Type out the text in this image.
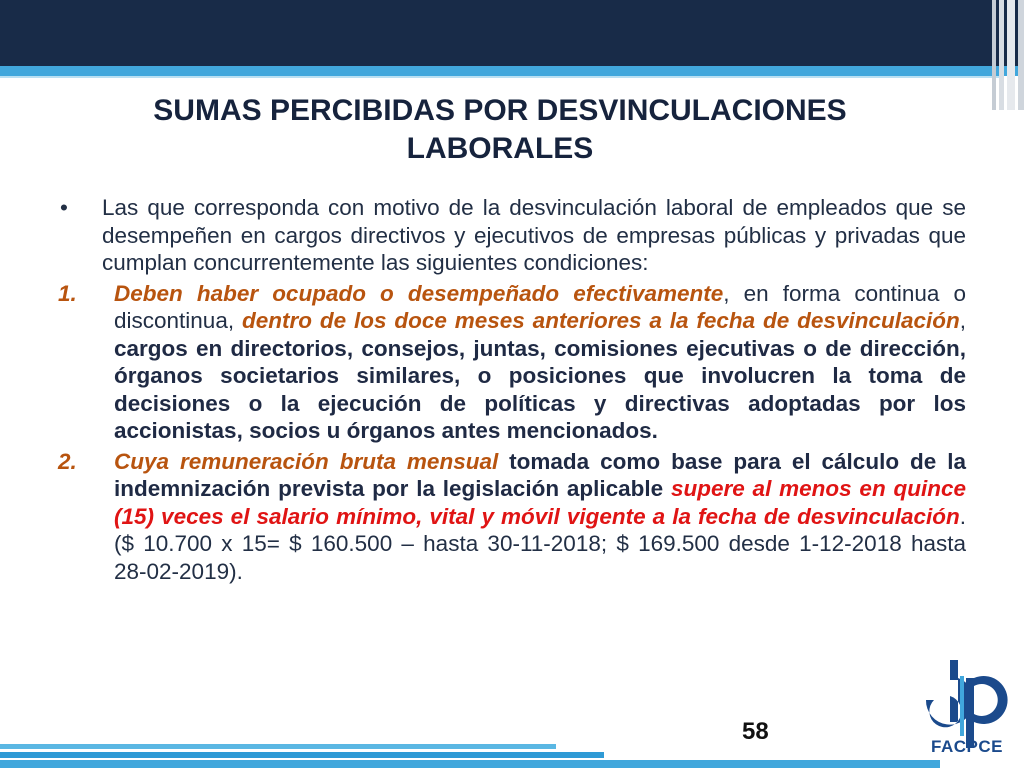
SUMAS PERCIBIDAS POR DESVINCULACIONES
LABORALES
•	Las que corresponda con motivo de la desvinculación laboral de empleados que se desempeñen en cargos directivos y ejecutivos de empresas públicas y privadas que cumplan concurrentemente las siguientes condiciones:
1.	Deben haber ocupado o desempeñado efectivamente, en forma continua o discontinua, dentro de los doce meses anteriores a la fecha de desvinculación, cargos en directorios, consejos, juntas, comisiones ejecutivas o de dirección, órganos societarios similares, o posiciones que involucren la toma de decisiones o la ejecución de políticas y directivas adoptadas por los accionistas, socios u órganos antes mencionados.
2.	Cuya remuneración bruta mensual tomada como base para el cálculo de la indemnización prevista por la legislación aplicable supere al menos en quince (15) veces el salario mínimo, vital y móvil vigente a la fecha de desvinculación. ($ 10.700 x 15= $ 160.500 – hasta 30-11-2018; $ 169.500 desde 1-12-2018 hasta 28-02-2019).
58
FACPCE
